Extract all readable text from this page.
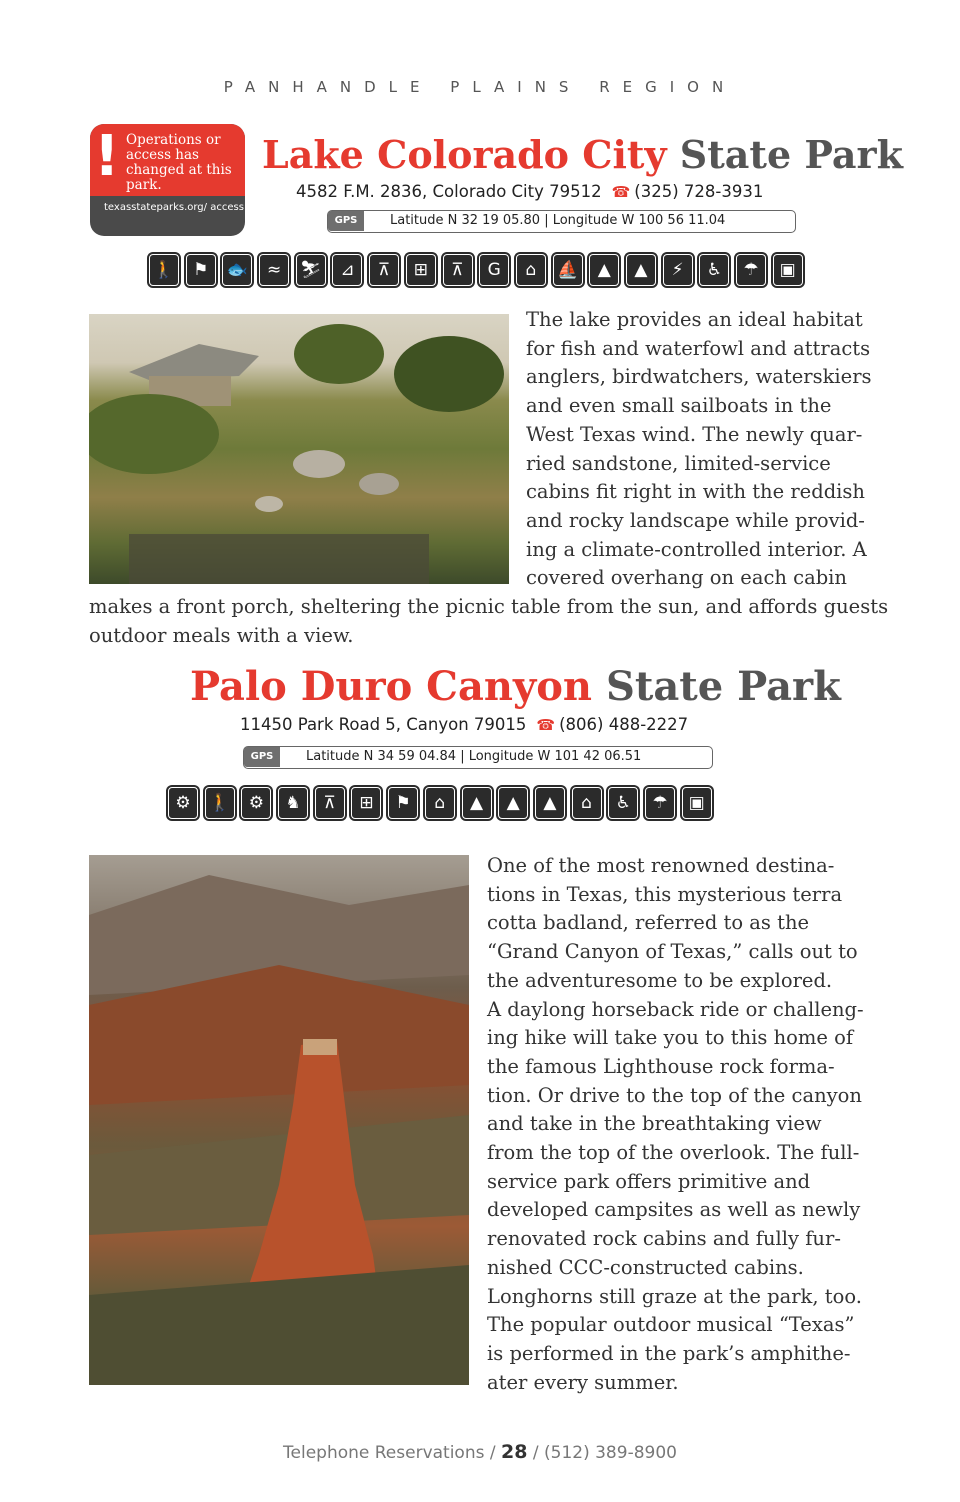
PANHANDLE PLAINS REGION
! Operations or access has changed at this park.
texasstateparks.org/ access
Lake Colorado City State Park
4582 F.M. 2836, Colorado City 79512 ☎ (325) 728-3931
GPS	Latitude N 32 19 05.80 | Longitude W 100 56 11.04
🚶	⚑	🐟	≈	⛷	⊿	⊼	⊞	⊼	G	⌂	⛵	▲	▲	⚡	♿	☂	▣
The lake provides an ideal habitat
for fish and waterfowl and attracts
anglers, birdwatchers, waterskiers
and even small sailboats in the
West Texas wind. The newly quar-
ried sandstone, limited-service
cabins fit right in with the reddish
and rocky landscape while provid-
ing a climate-controlled interior. A
covered overhang on each cabin
makes a front porch, sheltering the picnic table from the sun, and affords guests
outdoor meals with a view.
Palo Duro Canyon State Park
11450 Park Road 5, Canyon 79015 ☎ (806) 488-2227
GPS	Latitude N 34 59 04.84 | Longitude W 101 42 06.51
⚙	🚶	⚙	♞	⊼	⊞	⚑	⌂	▲	▲	▲	⌂	♿	☂	▣
One of the most renowned destina-
tions in Texas, this mysterious terra
cotta badland, referred to as the
“Grand Canyon of Texas,” calls out to
the adventuresome to be explored.
A daylong horseback ride or challeng-
ing hike will take you to this home of
the famous Lighthouse rock forma-
tion. Or drive to the top of the canyon
and take in the breathtaking view
from the top of the overlook. The full-
service park offers primitive and
developed campsites as well as newly
renovated rock cabins and fully fur-
nished CCC-constructed cabins.
Longhorns still graze at the park, too.
The popular outdoor musical “Texas”
is performed in the park’s amphithe-
ater every summer.
Telephone Reservations / 28 / (512) 389-8900
